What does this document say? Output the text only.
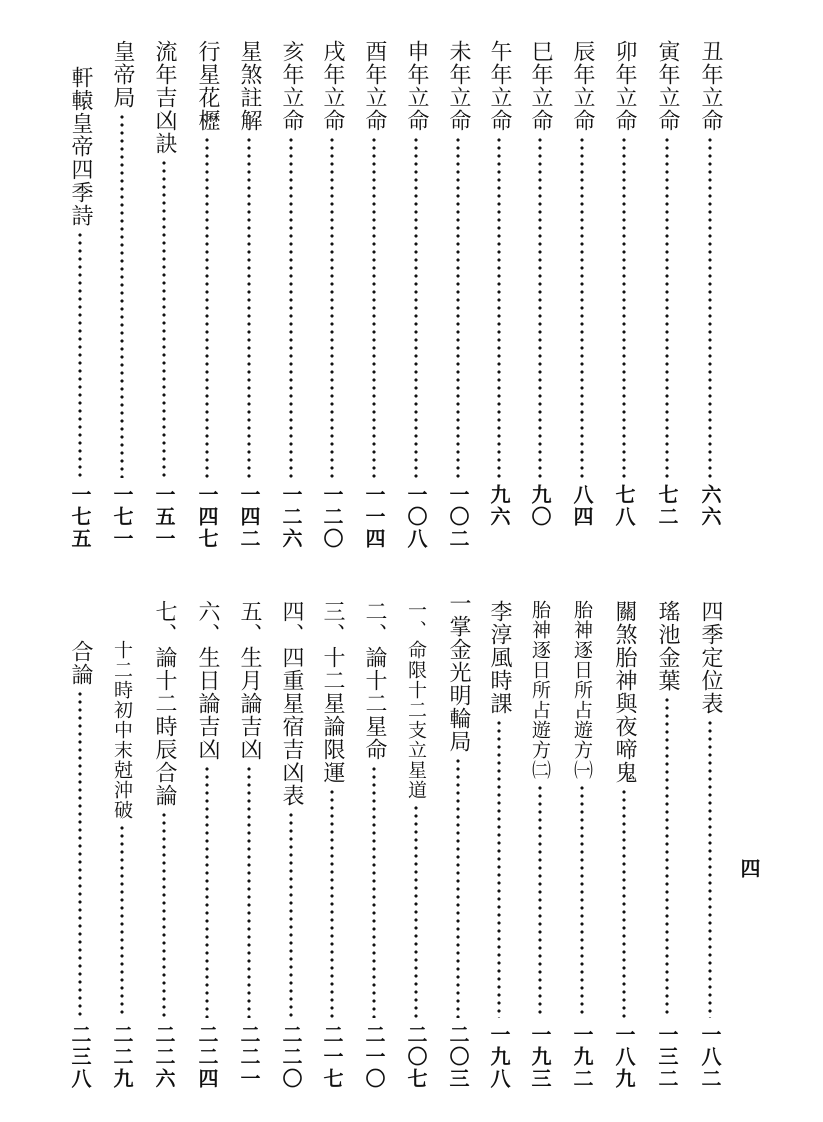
丑年立命
六六
寅年立命
七二
卯年立命
七八
辰年立命
八四
巳年立命
九〇
午年立命
九六
未年立命
一〇二
申年立命
一〇八
酉年立命
一一四
戌年立命
一二〇
亥年立命
一二六
星煞註解
一四二
行星花櫪
一四七
流年吉凶訣
一五一
皇帝局
一七一
軒轅皇帝四季詩
一七五
四季定位表
一八二
瑤池金葉
一三二
關煞胎神與夜啼鬼
一八九
胎神逐日所占遊方㈠
一九二
胎神逐日所占遊方㈡
一九三
李淳風時課
一九八
一掌金光明輪局
二〇三
一、命限十二支立星道
二〇七
二、論十二星命
二一〇
三、十二星論限運
二一七
四、四重星宿吉凶表
二二〇
五、生月論吉凶
二二一
六、生日論吉凶
二二四
七、論十二時辰合論
二二六
十二時初中末尅沖破
二二九
合論
二三八
四
